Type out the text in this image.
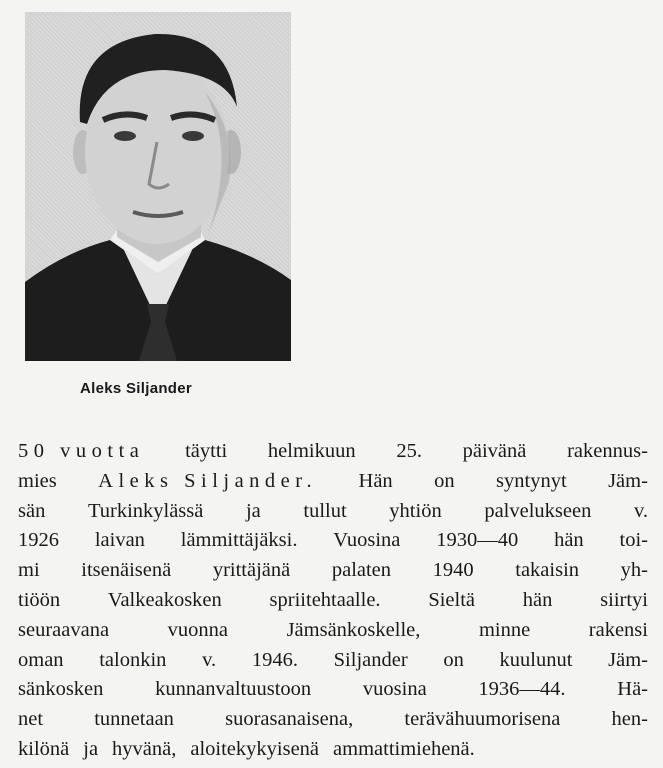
Aleks Siljander
50 vuotta täytti helmikuun 25. päivänä rakennus-
mies Aleks Siljander. Hän on syntynyt Jäm-
sän Turkinkylässä ja tullut yhtiön palvelukseen v.
1926 laivan lämmittäjäksi. Vuosina 1930—40 hän toi-
mi itsenäisenä yrittäjänä palaten 1940 takaisin yh-
tiöön Valkeakosken spriitehtaalle. Sieltä hän siirtyi
seuraavana	vuonna	Jämsänkoskelle,	minne	rakensi
oman talonkin v. 1946. Siljander on kuulunut Jäm-
sänkosken	kunnanvaltuustoon	vuosina	1936—44.	Hä-
net tunnetaan suorasanaisena, terävähuumorisena hen-
kilönä ja hyvänä, aloitekykyisenä ammattimiehenä.
